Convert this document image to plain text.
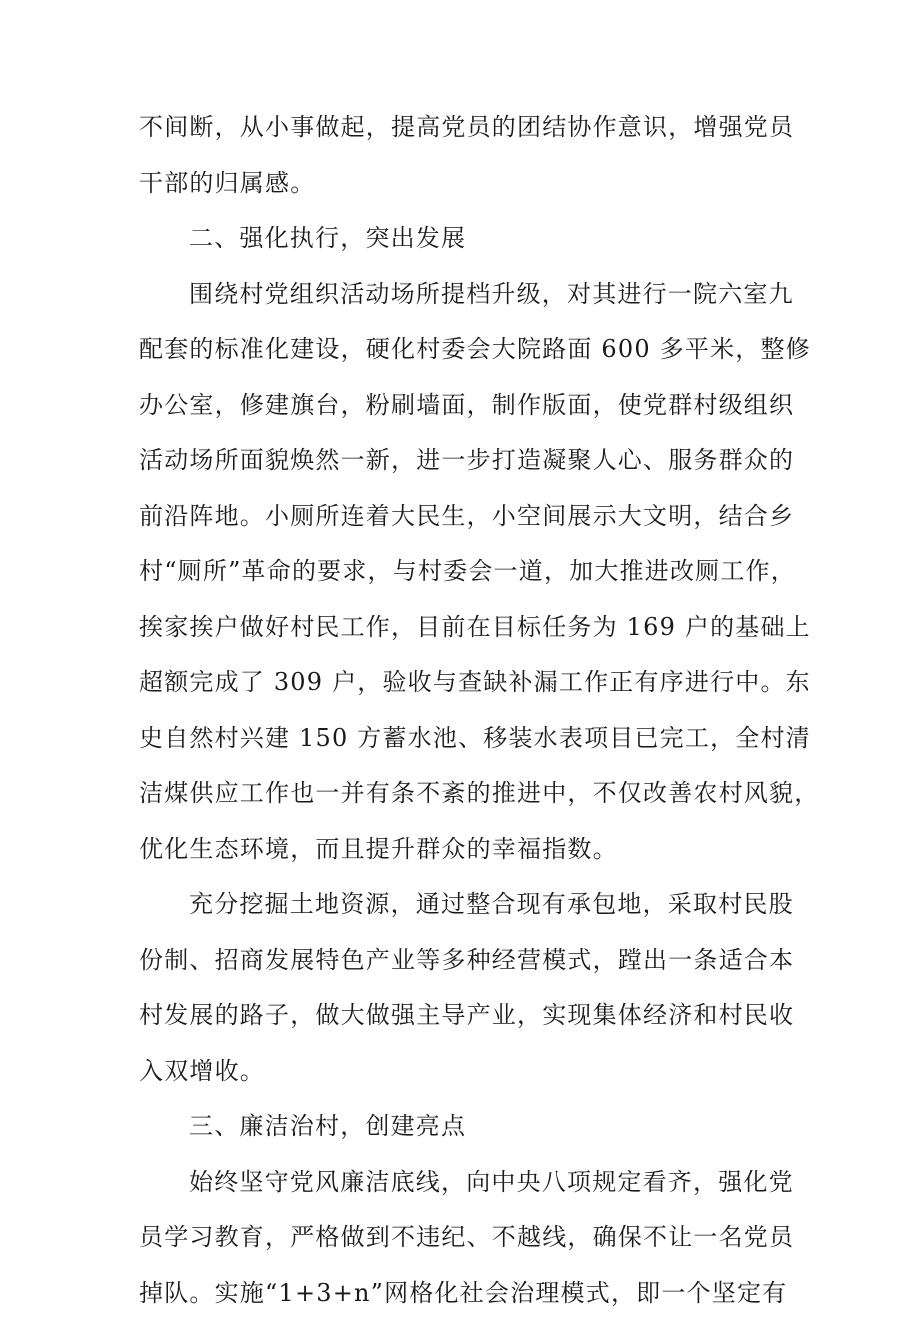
不间断，从小事做起，提高党员的团结协作意识，增强党员
干部的归属感。
二、强化执行，突出发展
围绕村党组织活动场所提档升级，对其进行一院六室九
配套的标准化建设，硬化村委会大院路面 600 多平米，整修
办公室，修建旗台，粉刷墙面，制作版面，使党群村级组织
活动场所面貌焕然一新，进一步打造凝聚人心、服务群众的
前沿阵地。小厕所连着大民生，小空间展示大文明，结合乡
村“厕所”革命的要求，与村委会一道，加大推进改厕工作，
挨家挨户做好村民工作，目前在目标任务为 169 户的基础上
超额完成了 309 户，验收与查缺补漏工作正有序进行中。东
史自然村兴建 150 方蓄水池、移装水表项目已完工，全村清
洁煤供应工作也一并有条不紊的推进中，不仅改善农村风貌，
优化生态环境，而且提升群众的幸福指数。
充分挖掘土地资源，通过整合现有承包地，采取村民股
份制、招商发展特色产业等多种经营模式，蹚出一条适合本
村发展的路子，做大做强主导产业，实现集体经济和村民收
入双增收。
三、廉洁治村，创建亮点
始终坚守党风廉洁底线，向中央八项规定看齐，强化党
员学习教育，严格做到不违纪、不越线，确保不让一名党员
掉队。实施“1+3+n”网格化社会治理模式，即一个坚定有
